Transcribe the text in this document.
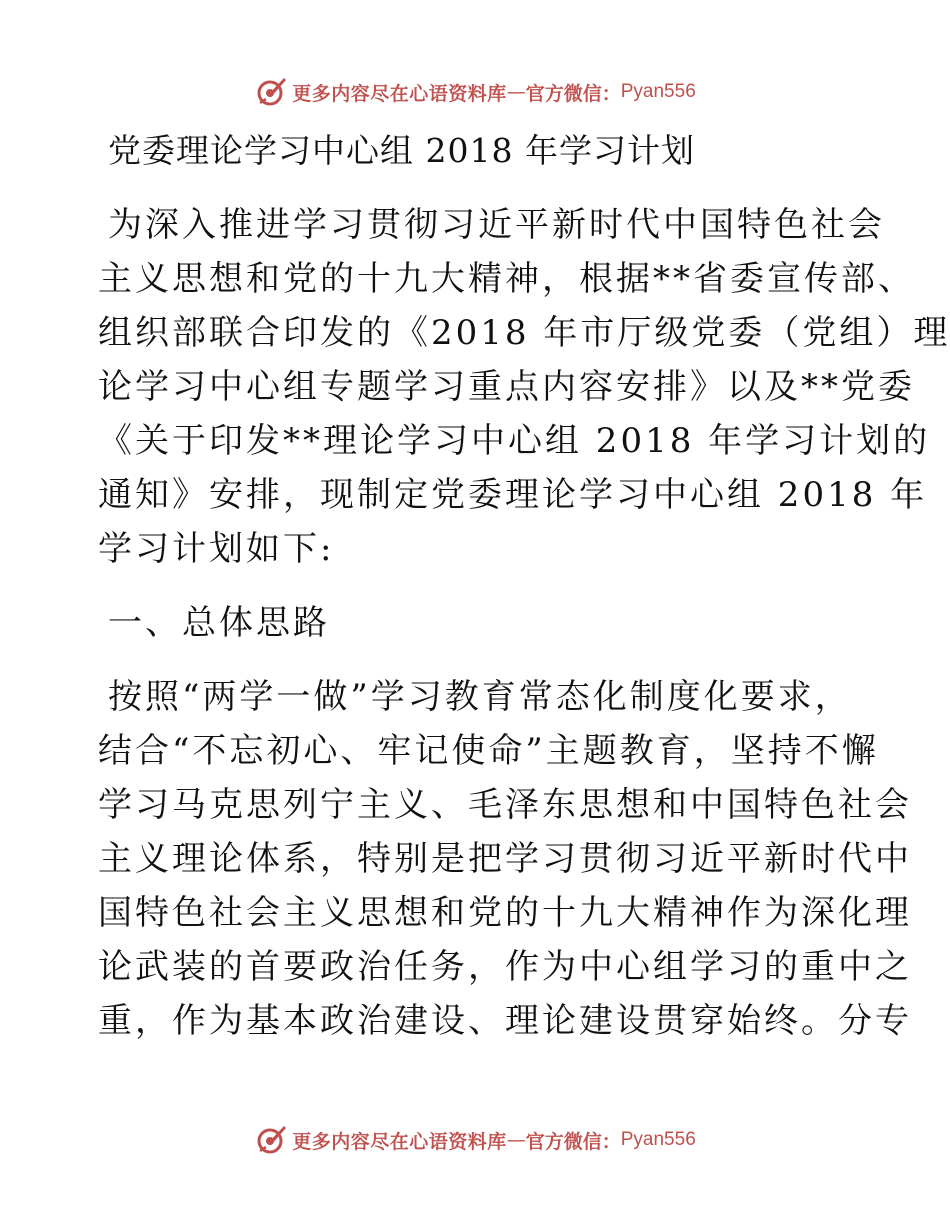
更多内容尽在心语资料库 — 官方微信： Pyan556
党委理论学习中心组 2018 年学习计划

为深入推进学习贯彻习近平新时代中国特色社会
主义思想和党的十九大精神，根据**省委宣传部、
组织部联合印发的《2018 年市厅级党委（党组）理
论学习中心组专题学习重点内容安排》以及**党委
《关于印发**理论学习中心组 2018 年学习计划的
通知》安排，现制定党委理论学习中心组 2018 年
学习计划如下:

一、总体思路

按照“两学一做”学习教育常态化制度化要求，
结合“不忘初心、牢记使命”主题教育，坚持不懈
学习马克思列宁主义、毛泽东思想和中国特色社会
主义理论体系，特别是把学习贯彻习近平新时代中
国特色社会主义思想和党的十九大精神作为深化理
论武装的首要政治任务，作为中心组学习的重中之
重，作为基本政治建设、理论建设贯穿始终。分专

更多内容尽在心语资料库 — 官方微信： Pyan556
